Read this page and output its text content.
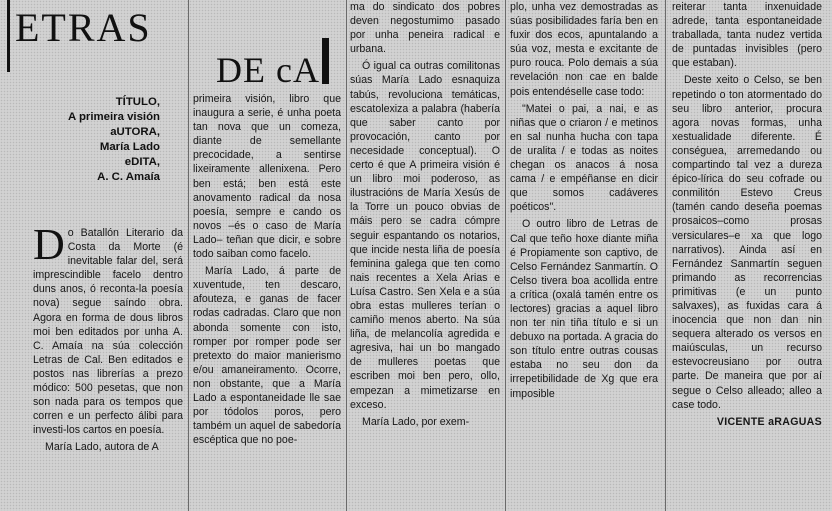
ETRAS
DE cA
TÍTULO,
A primeira visión
aUTORA,
María Lado
eDITA,
A. C. Amaía
D o Batallón Literario da Costa da Morte (é inevitable falar del, será imprescindible facelo dentro duns anos, ó reconta-la poesía nova) segue saíndo obra. Agora en forma de dous libros moi ben editados por unha A. C. Amaía na súa colección Letras de Cal. Ben editados e postos nas librerías a prezo módico: 500 pesetas, que non son nada para os tempos que corren e un perfecto álibi para investi-los cartos en poesía.

María Lado, autora de A

primeira visión, libro que inaugura a serie, é unha poeta tan nova que un comeza, diante de semellante precocidade, a sentirse lixeiramente allenixena. Pero ben está; ben está este anovamento radical da nosa poesía, sempre e cando os novos –és o caso de María Lado– teñan que dicir, e sobre todo saiban como facelo.

María Lado, á parte de xuventude, ten descaro, afouteza, e ganas de facer rodas cadradas. Claro que non abonda somente con isto, romper por romper pode ser pretexto do maior manierismo e/ou amaneiramento. Ocorre, non obstante, que a María Lado a espontaneidade lle sae por tódolos poros, pero também un aquel de sabedoría escéptica que no poe-

ma do sindicato dos pobres deven negostumimo pasado por unha peneira radical e urbana.

Ó igual ca outras comilitonas súas María Lado esnaquiza tabús, revoluciona temáticas, escatolexiza a palabra (habería que saber canto por provocación, canto por necesidade conceptual). O certo é que A primeira visión é un libro moi poderoso, as ilustracións de María Xesús de la Torre un pouco obvias de máis pero se cadra cómpre seguir espantando os notarios, que incide nesta liña de poesía feminina galega que ten como nais recentes a Xela Arias e Luísa Castro. Sen Xela e a súa obra estas mulleres terían o camiño menos aberto. Na súa liña, de melancolía agredida e agresiva, hai un bo mangado de mulleres poetas que escriben moi ben pero, ollo, empezan a mimetizarse en exceso.

María Lado, por exem-

plo, unha vez demostradas as súas posibilidades faría ben en fuxir dos ecos, apuntalando a súa voz, mesta e excitante de puro rouca. Polo demais a súa revelación non cae en balde pois entendéselle case todo:

"Matei o pai, a nai, e as niñas que o criaron / e metinos en sal nunha hucha con tapa de uralita / e todas as noites chegan os anacos á nosa cama / e empéñanse en dicir que somos cadáveres poéticos".

O outro libro de Letras de Cal que teño hoxe diante miña é Propiamente son captivo, de Celso Fernández Sanmartín. O Celso tivera boa acollida entre a crítica (oxalá tamén entre os lectores) gracias a aquel libro non ter nin tiña título e si un debuxo na portada. A gracia do son título entre outras cousas estaba no seu don da irrepetibilidade de Xg que era imposible

reiterar tanta inxenuidade adrede, tanta espontaneidade traballada, tanta nudez vertida de puntadas invisibles (pero que estaban).

Deste xeito o Celso, se ben repetindo o ton atormentado do seu libro anterior, procura agora novas formas, unha xestualidade diferente. É conséguea, arremedando ou compartindo tal vez a dureza épico-lírica do seu cofrade ou conmilitón Estevo Creus (tamén cando deseña poemas prosaicos–como prosas versiculares–e xa que logo narrativos). Ainda así en Fernández Sanmartín seguen primando as recorrencias primitivas (e un punto salvaxes), as fuxidas cara á inocencia que non dan nin sequera alterado os versos en maiúsculas, un recurso estevocreusiano por outra parte. De maneira que por aí segue o Celso alleado; alleo a case todo.

VICENTE aRAGUAS
